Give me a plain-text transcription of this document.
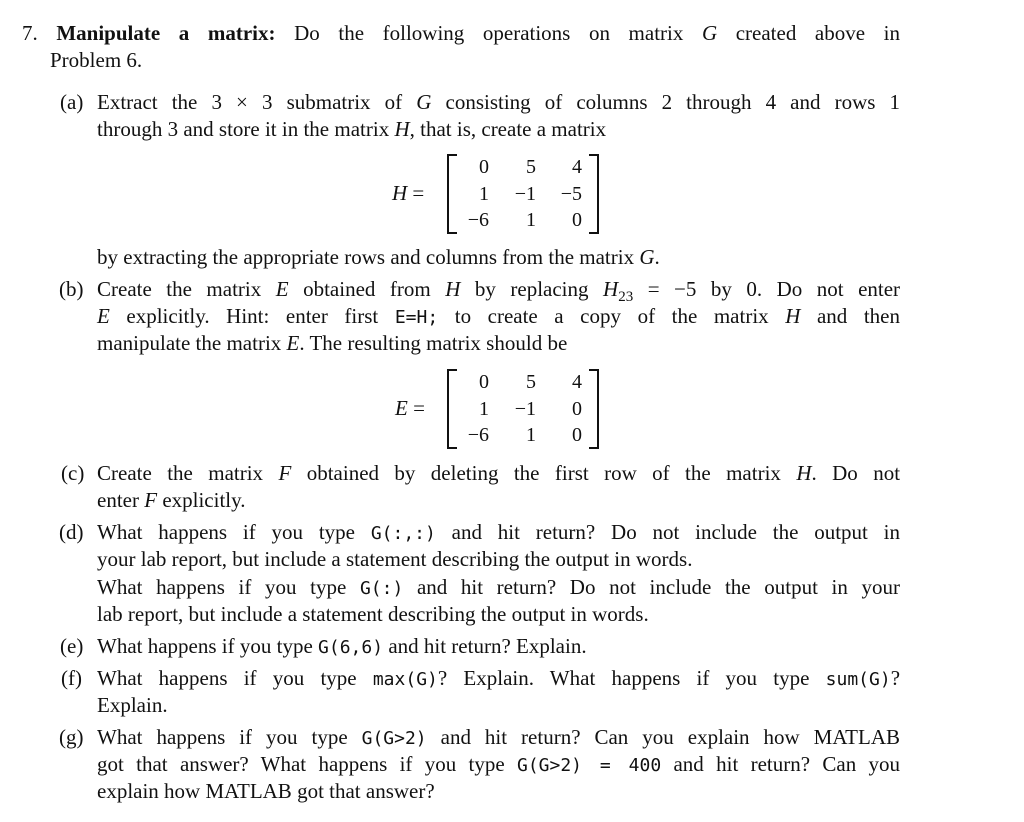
7. Manipulate a matrix: Do the following operations on matrix G created above in
Problem 6.
(a) Extract the 3 × 3 submatrix of G consisting of columns 2 through 4 and rows 1
through 3 and store it in the matrix H, that is, create a matrix
H =
0	5	4
1	−1	−5
−6	1	0
by extracting the appropriate rows and columns from the matrix G.
(b) Create the matrix E obtained from H by replacing $H_{23} = -5$ by 0. Do not enter
E explicitly. Hint: enter first E=H; to create a copy of the matrix H and then
manipulate the matrix E. The resulting matrix should be
E =
0	5	4
1	−1	0
−6	1	0
(c) Create the matrix F obtained by deleting the first row of the matrix H. Do not
enter F explicitly.
(d) What happens if you type G(:,:) and hit return? Do not include the output in
your lab report, but include a statement describing the output in words.
What happens if you type G(:) and hit return? Do not include the output in your
lab report, but include a statement describing the output in words.
(e) What happens if you type G(6,6) and hit return? Explain.
(f) What happens if you type max(G)? Explain. What happens if you type sum(G)?
Explain.
(g) What happens if you type G(G>2) and hit return? Can you explain how MATLAB
got that answer? What happens if you type G(G>2) = 400 and hit return? Can you
explain how MATLAB got that answer?
